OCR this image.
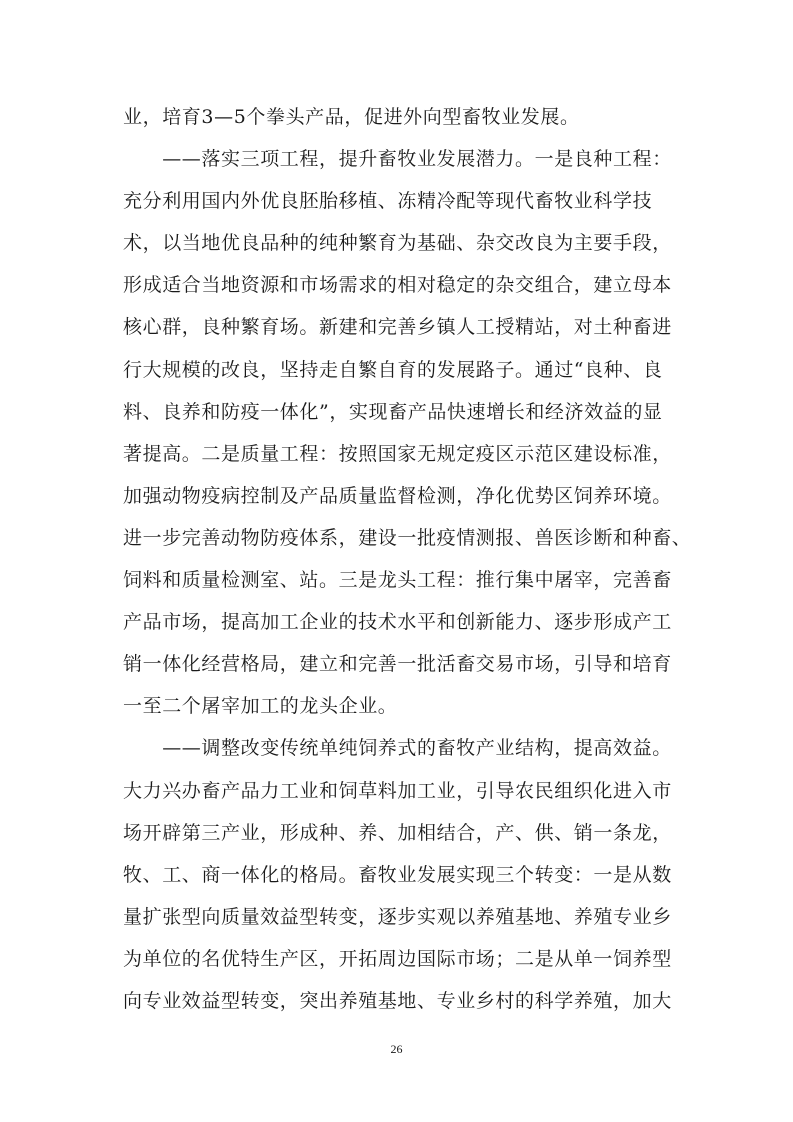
业，培育3—5个拳头产品，促进外向型畜牧业发展。
　　——落实三项工程，提升畜牧业发展潜力。一是良种工程：
充分利用国内外优良胚胎移植、冻精冷配等现代畜牧业科学技
术，以当地优良品种的纯种繁育为基础、杂交改良为主要手段，
形成适合当地资源和市场需求的相对稳定的杂交组合，建立母本
核心群，良种繁育场。新建和完善乡镇人工授精站，对土种畜进
行大规模的改良，坚持走自繁自育的发展路子。通过“良种、良
料、良养和防疫一体化”，实现畜产品快速增长和经济效益的显
著提高。二是质量工程：按照国家无规定疫区示范区建设标准，
加强动物疫病控制及产品质量监督检测，净化优势区饲养环境。
进一步完善动物防疫体系，建设一批疫情测报、兽医诊断和种畜、
饲料和质量检测室、站。三是龙头工程：推行集中屠宰，完善畜
产品市场，提高加工企业的技术水平和创新能力、逐步形成产工
销一体化经营格局，建立和完善一批活畜交易市场，引导和培育
一至二个屠宰加工的龙头企业。
　　——调整改变传统单纯饲养式的畜牧产业结构，提高效益。
大力兴办畜产品力工业和饲草料加工业，引导农民组织化进入市
场开辟第三产业，形成种、养、加相结合，产、供、销一条龙，
牧、工、商一体化的格局。畜牧业发展实现三个转变：一是从数
量扩张型向质量效益型转变，逐步实观以养殖基地、养殖专业乡
为单位的名优特生产区，开拓周边国际市场；二是从单一饲养型
向专业效益型转变，突出养殖基地、专业乡村的科学养殖，加大
26
